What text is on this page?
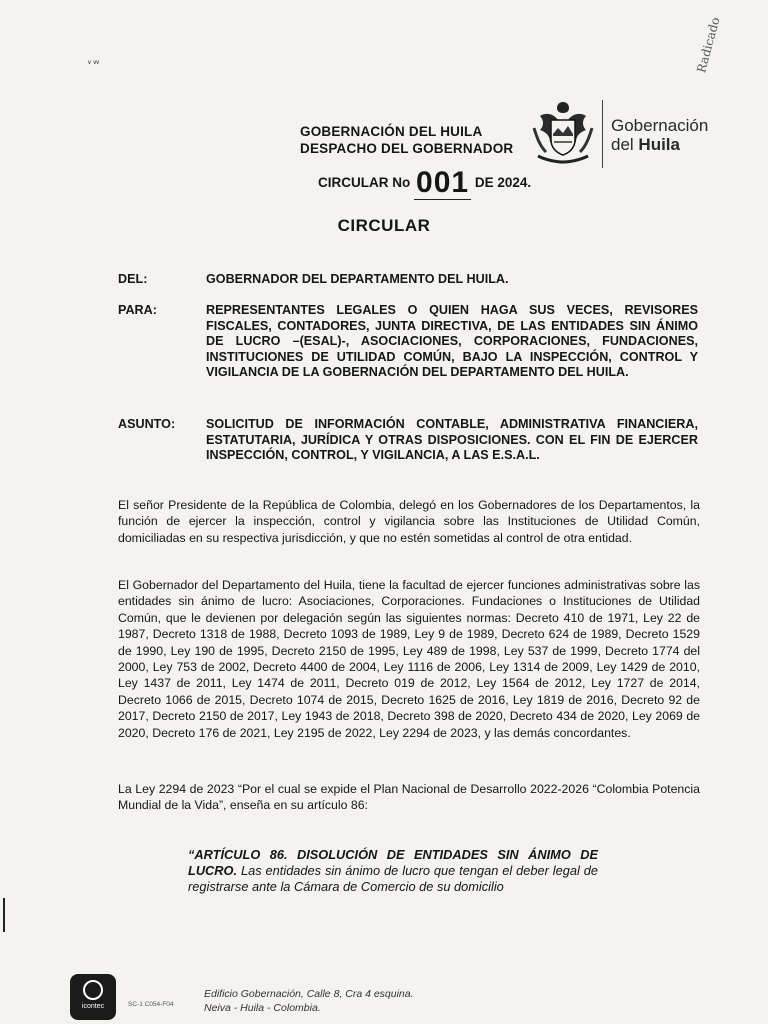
ᵛ ᵛᵛ	Radicado
GOBERNACIÓN DEL HUILA
DESPACHO DEL GOBERNADOR
Gobernación
del Huila
CIRCULAR No 001 DE 2024.
CIRCULAR
DEL:	GOBERNADOR DEL DEPARTAMENTO DEL HUILA.
PARA:	REPRESENTANTES LEGALES O QUIEN HAGA SUS VECES, REVISORES FISCALES, CONTADORES, JUNTA DIRECTIVA, DE LAS ENTIDADES SIN ÁNIMO DE LUCRO –(ESAL)-, ASOCIACIONES, CORPORACIONES, FUNDACIONES, INSTITUCIONES DE UTILIDAD COMÚN, BAJO LA INSPECCIÓN, CONTROL Y VIGILANCIA DE LA GOBERNACIÓN DEL DEPARTAMENTO DEL HUILA.
ASUNTO:	SOLICITUD DE INFORMACIÓN CONTABLE, ADMINISTRATIVA FINANCIERA, ESTATUTARIA, JURÍDICA Y OTRAS DISPOSICIONES. CON EL FIN DE EJERCER INSPECCIÓN, CONTROL, Y VIGILANCIA, A LAS E.S.A.L.
El señor Presidente de la República de Colombia, delegó en los Gobernadores de los Departamentos, la función de ejercer la inspección, control y vigilancia sobre las Instituciones de Utilidad Común, domiciliadas en su respectiva jurisdicción, y que no estén sometidas al control de otra entidad.
El Gobernador del Departamento del Huila, tiene la facultad de ejercer funciones administrativas sobre las entidades sin ánimo de lucro: Asociaciones, Corporaciones. Fundaciones o Instituciones de Utilidad Común, que le devienen por delegación según las siguientes normas: Decreto 410 de 1971, Ley 22 de 1987, Decreto 1318 de 1988, Decreto 1093 de 1989, Ley 9 de 1989, Decreto 624 de 1989, Decreto 1529 de 1990, Ley 190 de 1995, Decreto 2150 de 1995, Ley 489 de 1998, Ley 537 de 1999, Decreto 1774 del 2000, Ley 753 de 2002, Decreto 4400 de 2004, Ley 1116 de 2006, Ley 1314 de 2009, Ley 1429 de 2010, Ley 1437 de 2011, Ley 1474 de 2011, Decreto 019 de 2012, Ley 1564 de 2012, Ley 1727 de 2014, Decreto 1066 de 2015, Decreto 1074 de 2015, Decreto 1625 de 2016, Ley 1819 de 2016, Decreto 92 de 2017, Decreto 2150 de 2017, Ley 1943 de 2018, Decreto 398 de 2020, Decreto 434 de 2020, Ley 2069 de 2020, Decreto 176 de 2021, Ley 2195 de 2022, Ley 2294 de 2023, y las demás concordantes.
La Ley 2294 de 2023 “Por el cual se expide el Plan Nacional de Desarrollo 2022-2026 “Colombia Potencia Mundial de la Vida”, enseña en su artículo 86:
“ARTÍCULO 86. DISOLUCIÓN DE ENTIDADES SIN ÁNIMO DE LUCRO. Las entidades sin ánimo de lucro que tengan el deber legal de registrarse ante la Cámara de Comercio de su domicilio
icontec	SC-1 C054-F04
Edificio Gobernación, Calle 8, Cra 4 esquina.
Neiva - Huila - Colombia.
